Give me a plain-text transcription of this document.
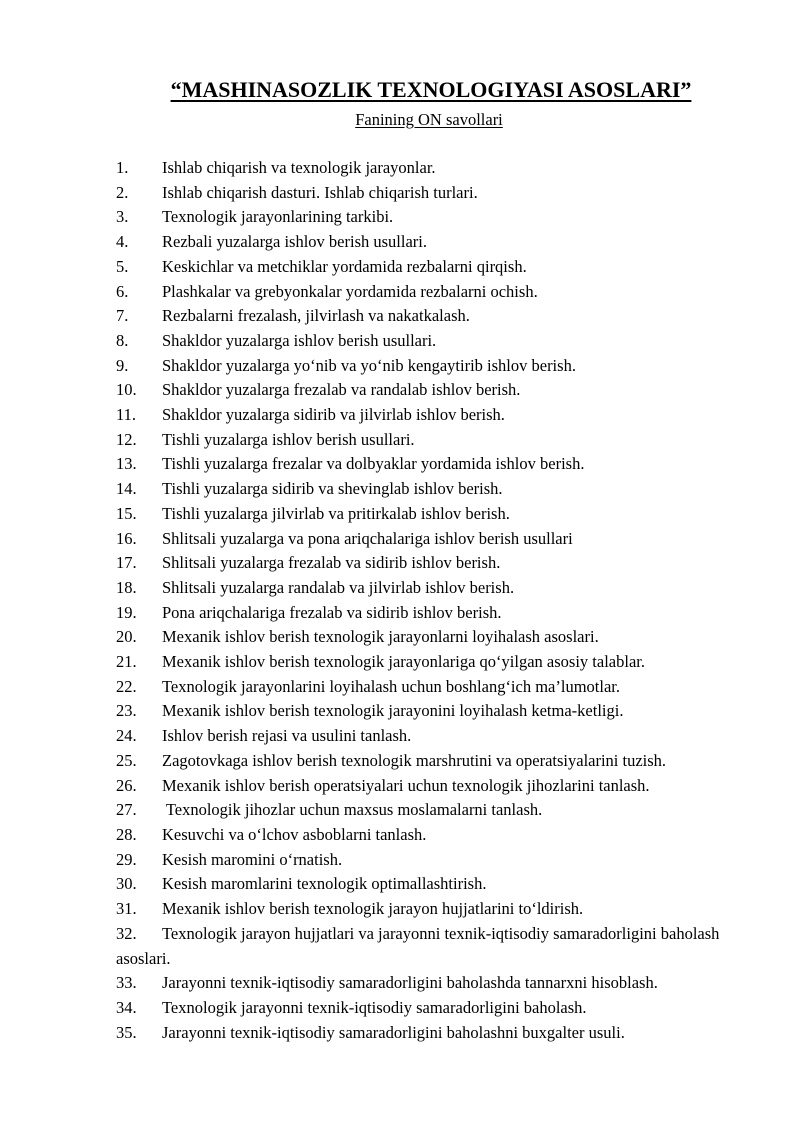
“MASHINASOZLIK TEXNOLOGIYASI ASOSLARI”
Fanining ON savollari
1. Ishlab chiqarish va texnologik jarayonlar.
2. Ishlab chiqarish dasturi. Ishlab chiqarish turlari.
3. Texnologik jarayonlarining tarkibi.
4. Rezbali yuzalarga ishlov berish usullari.
5. Keskichlar va metchiklar yordamida rezbalarni qirqish.
6. Plashkalar va grebyonkalar yordamida rezbalarni ochish.
7. Rezbalarni frezalash, jilvirlash va nakatkalash.
8. Shakldor yuzalarga ishlov berish usullari.
9. Shakldor yuzalarga yo‘nib va yo‘nib kengaytirib ishlov berish.
10. Shakldor yuzalarga frezalab va randalab ishlov berish.
11. Shakldor yuzalarga sidirib va jilvirlab ishlov berish.
12. Tishli yuzalarga ishlov berish usullari.
13. Tishli yuzalarga frezalar va dolbyaklar yordamida ishlov berish.
14. Tishli yuzalarga sidirib va shevinglab ishlov berish.
15. Tishli yuzalarga jilvirlab va pritirkalab ishlov berish.
16. Shlitsali yuzalarga va pona ariqchalariga ishlov berish usullari
17. Shlitsali yuzalarga frezalab va sidirib ishlov berish.
18. Shlitsali yuzalarga randalab va jilvirlab ishlov berish.
19. Pona ariqchalariga frezalab va sidirib ishlov berish.
20. Mexanik ishlov berish texnologik jarayonlarni loyihalash asoslari.
21. Mexanik ishlov berish texnologik jarayonlariga qo‘yilgan asosiy talablar.
22. Texnologik jarayonlarini loyihalash uchun boshlang‘ich ma’lumotlar.
23. Mexanik ishlov berish texnologik jarayonini loyihalash ketma-ketligi.
24. Ishlov berish rejasi va usulini tanlash.
25. Zagotovkaga ishlov berish texnologik marshrutini va operatsiyalarini tuzish.
26. Mexanik ishlov berish operatsiyalari uchun texnologik jihozlarini tanlash.
27. Texnologik jihozlar uchun maxsus moslamalarni tanlash.
28. Kesuvchi va o‘lchov asboblarni tanlash.
29. Kesish maromini o‘rnatish.
30. Kesish maromlarini texnologik optimallashtirish.
31. Mexanik ishlov berish texnologik jarayon hujjatlarini to‘ldirish.
32. Texnologik jarayon hujjatlari va jarayonni texnik-iqtisodiy samaradorligini baholash asoslari.
33. Jarayonni texnik-iqtisodiy samaradorligini baholashda tannarxni hisoblash.
34. Texnologik jarayonni texnik-iqtisodiy samaradorligini baholash.
35. Jarayonni texnik-iqtisodiy samaradorligini baholashni buxgalter usuli.
